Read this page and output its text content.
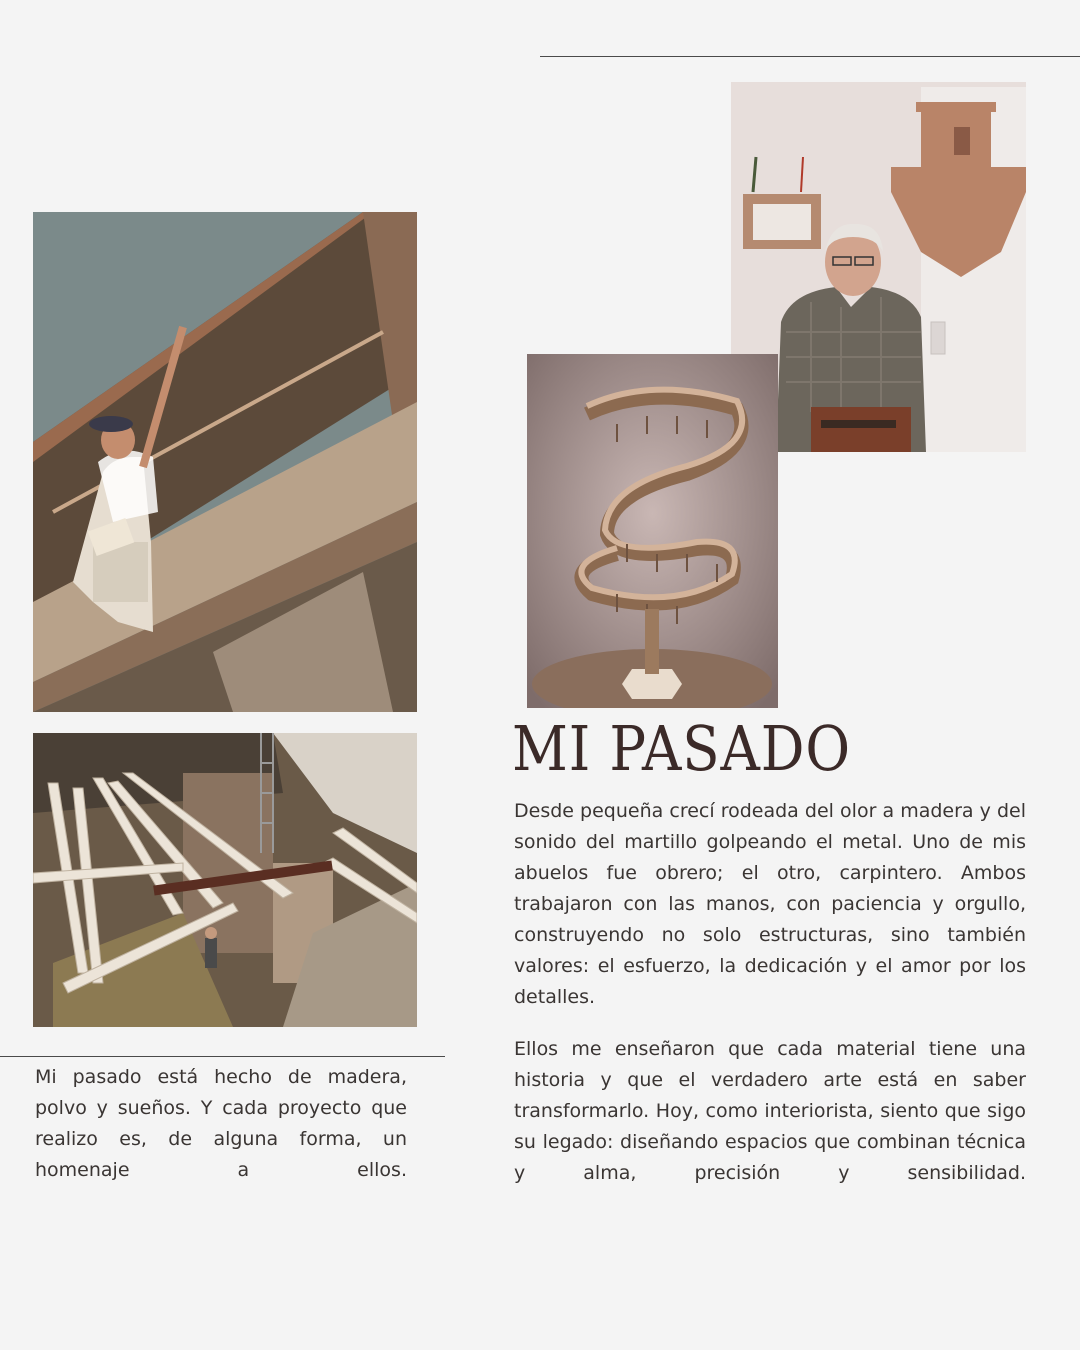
MI PASADO

Desde pequeña crecí rodeada del olor a madera y del sonido del martillo golpeando el metal. Uno de mis abuelos fue obrero; el otro, carpintero. Ambos trabajaron con las manos, con paciencia y orgullo, construyendo no solo estructuras, sino también valores: el esfuerzo, la dedicación y el amor por los detalles.

Ellos me enseñaron que cada material tiene una historia y que el verdadero arte está en saber transformarlo. Hoy, como interiorista, siento que sigo su legado: diseñando espacios que combinan técnica y alma, precisión y sensibilidad.

Mi pasado está hecho de madera, polvo y sueños. Y cada proyecto que realizo es, de alguna forma, un homenaje a ellos.
